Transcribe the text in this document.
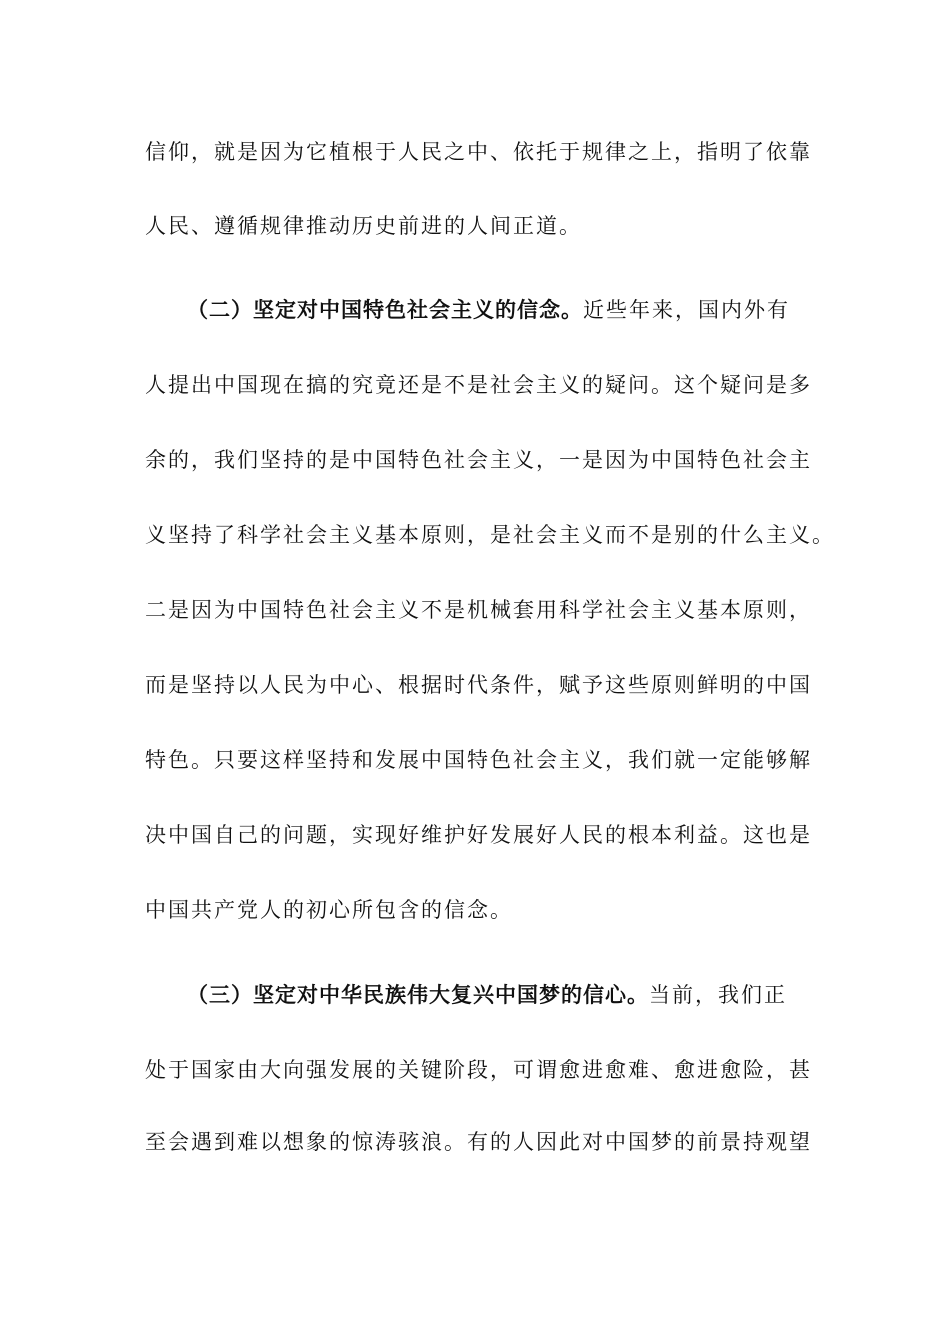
信仰，就是因为它植根于人民之中、依托于规律之上，指明了依靠
人民、遵循规律推动历史前进的人间正道。
（二）坚定对中国特色社会主义的信念。近些年来，国内外有
人提出中国现在搞的究竟还是不是社会主义的疑问。这个疑问是多
余的，我们坚持的是中国特色社会主义，一是因为中国特色社会主
义坚持了科学社会主义基本原则，是社会主义而不是别的什么主义。
二是因为中国特色社会主义不是机械套用科学社会主义基本原则，
而是坚持以人民为中心、根据时代条件，赋予这些原则鲜明的中国
特色。只要这样坚持和发展中国特色社会主义，我们就一定能够解
决中国自己的问题，实现好维护好发展好人民的根本利益。这也是
中国共产党人的初心所包含的信念。
（三）坚定对中华民族伟大复兴中国梦的信心。当前，我们正
处于国家由大向强发展的关键阶段，可谓愈进愈难、愈进愈险，甚
至会遇到难以想象的惊涛骇浪。有的人因此对中国梦的前景持观望
